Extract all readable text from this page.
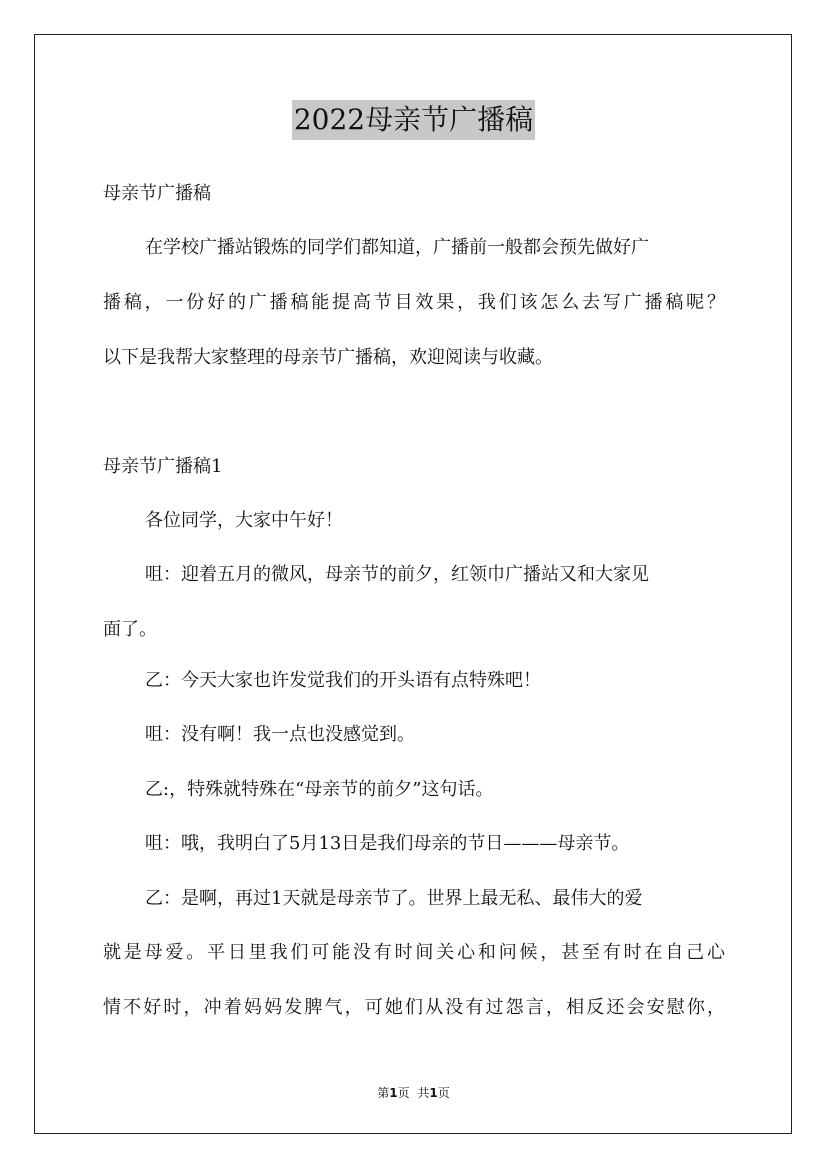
2022母亲节广播稿
母亲节广播稿
在学校广播站锻炼的同学们都知道，广播前一般都会预先做好广
播稿，一份好的广播稿能提高节目效果，我们该怎么去写广播稿呢？
以下是我帮大家整理的母亲节广播稿，欢迎阅读与收藏。
母亲节广播稿1
各位同学，大家中午好！
咀：迎着五月的微风，母亲节的前夕，红领巾广播站又和大家见
面了。
乙：今天大家也许发觉我们的开头语有点特殊吧！
咀：没有啊！我一点也没感觉到。
乙:，特殊就特殊在“母亲节的前夕”这句话。
咀：哦，我明白了5月13日是我们母亲的节日———母亲节。
乙：是啊，再过1天就是母亲节了。世界上最无私、最伟大的爱
就是母爱。平日里我们可能没有时间关心和问候，甚至有时在自己心
情不好时，冲着妈妈发脾气，可她们从没有过怨言，相反还会安慰你，
第1页 共1页
